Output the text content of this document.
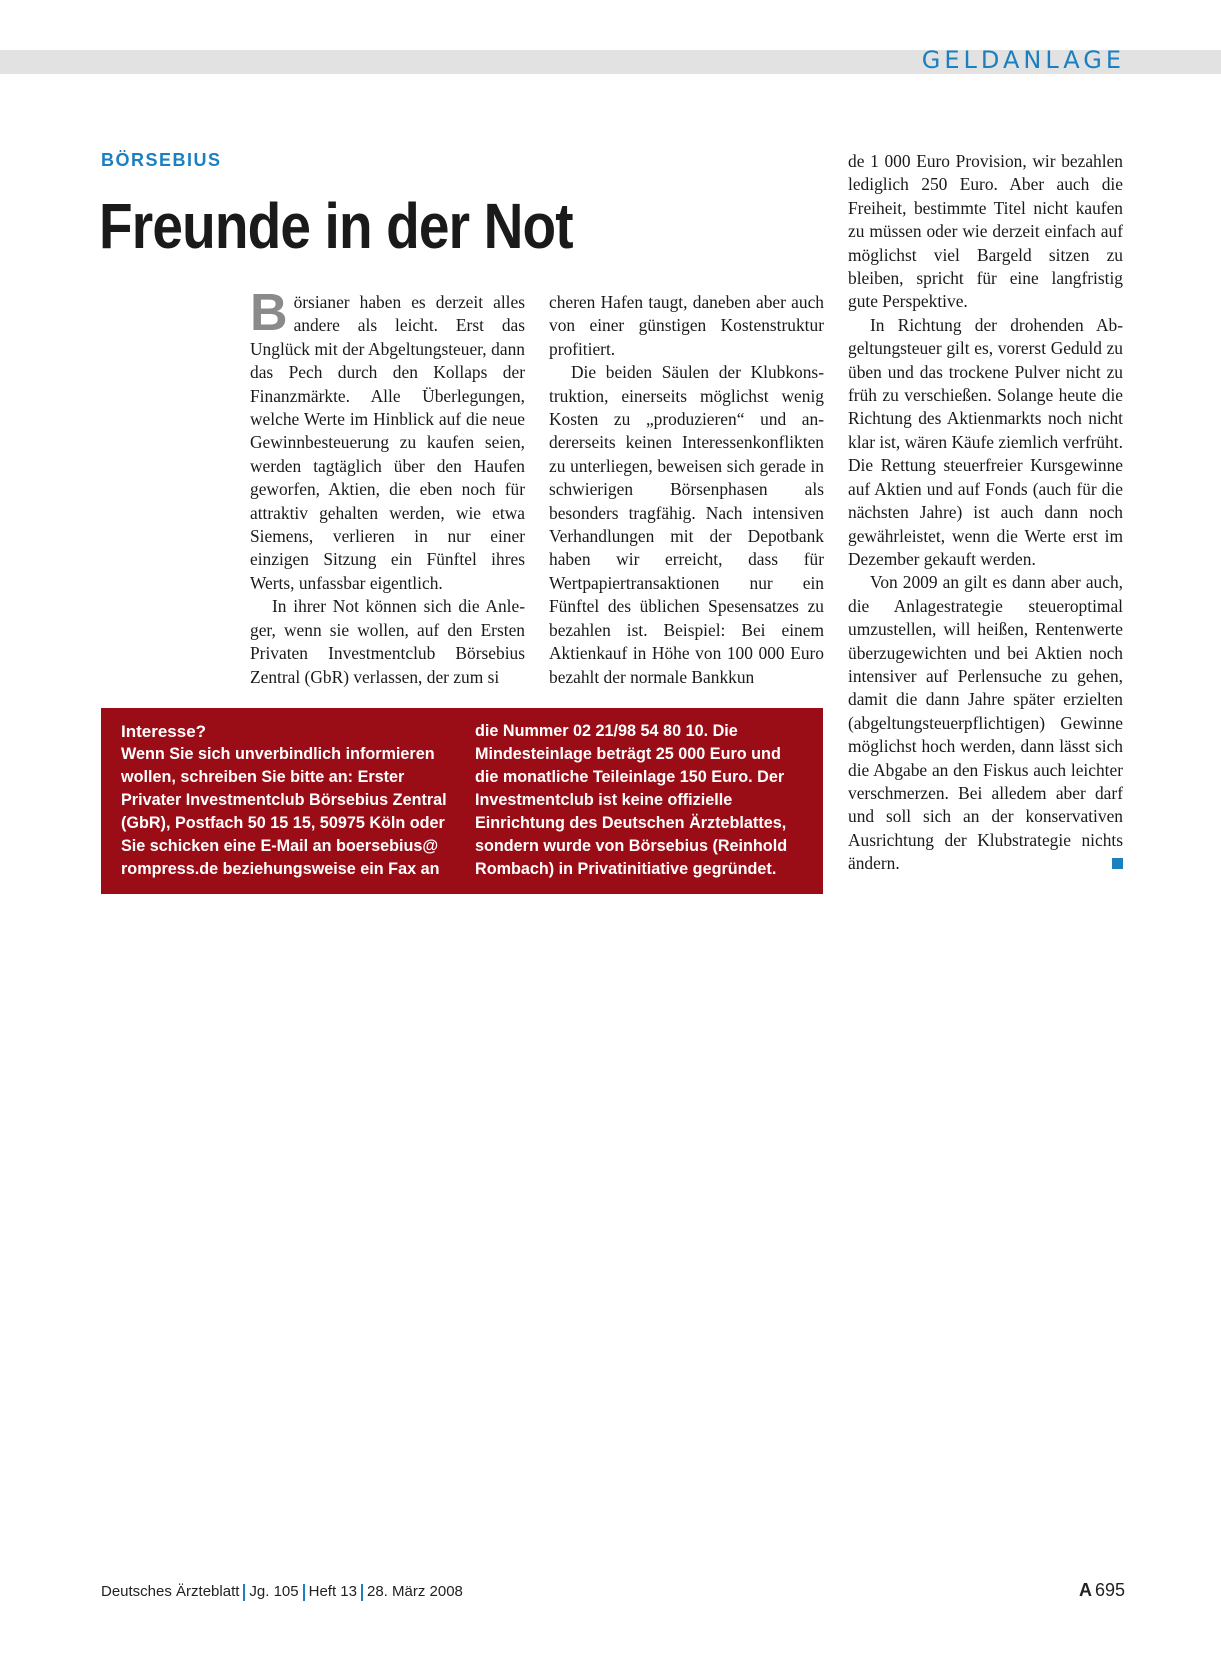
GELDANLAGE
BÖRSEBIUS
Freunde in der Not

Börsianer haben es derzeit alles andere als leicht. Erst das Unglück mit der Abgeltungsteuer, dann das Pech durch den Kollaps der Finanzmärkte. Alle Überlegungen, welche Werte im Hinblick auf die neue Gewinnbesteuerung zu kaufen seien, werden tagtäglich über den Haufen geworfen, Aktien, die eben noch für attraktiv gehalten werden, wie etwa Siemens, verlieren in nur einer einzigen Sitzung ein Fünftel ihres Werts, unfassbar eigentlich.

In ihrer Not können sich die Anleger, wenn sie wollen, auf den Ersten Privaten Investmentclub Börsebius Zentral (GbR) verlassen, der zum si

cheren Hafen taugt, daneben aber auch von einer günstigen Kostenstruktur profitiert.

Die beiden Säulen der Klubkonstruktion, einerseits möglichst wenig Kosten zu „produzieren“ und andererseits keinen Interessenkonflikten zu unterliegen, beweisen sich gerade in schwierigen Börsenphasen als besonders tragfähig. Nach intensiven Verhandlungen mit der Depotbank haben wir erreicht, dass für Wertpapiertransaktionen nur ein Fünftel des üblichen Spesensatzes zu bezahlen ist. Beispiel: Bei einem Aktienkauf in Höhe von 100 000 Euro bezahlt der normale Bankkun

de 1 000 Euro Provision, wir bezahlen lediglich 250 Euro. Aber auch die Freiheit, bestimmte Titel nicht kaufen zu müssen oder wie derzeit einfach auf möglichst viel Bargeld sitzen zu bleiben, spricht für eine langfristig gute Perspektive.

In Richtung der drohenden Abgeltungsteuer gilt es, vorerst Geduld zu üben und das trockene Pulver nicht zu früh zu verschießen. Solange heute die Richtung des Aktienmarkts noch nicht klar ist, wären Käufe ziemlich verfrüht. Die Rettung steuerfreier Kursgewinne auf Aktien und auf Fonds (auch für die nächsten Jahre) ist auch dann noch gewährleistet, wenn die Werte erst im Dezember gekauft werden.

Von 2009 an gilt es dann aber auch, die Anlagestrategie steueroptimal umzustellen, will heißen, Rentenwerte überzugewichten und bei Aktien noch intensiver auf Perlensuche zu gehen, damit die dann Jahre später erzielten (abgeltungsteuerpflichtigen) Gewinne möglichst hoch werden, dann lässt sich die Abgabe an den Fiskus auch leichter verschmerzen. Bei alledem aber darf und soll sich an der konservativen Ausrichtung der Klubstrategie nichts ändern.

Interesse?
Wenn Sie sich unverbindlich informieren wollen, schreiben Sie bitte an: Erster Privater Investmentclub Börsebius Zentral (GbR), Postfach 50 15 15, 50975 Köln oder Sie schicken eine E-Mail an boersebius@ rompress.de beziehungsweise ein Fax an
die Nummer 02 21/98 54 80 10. Die Mindesteinlage beträgt 25 000 Euro und die monatliche Teileinlage 150 Euro. Der Investmentclub ist keine offizielle Einrichtung des Deutschen Ärzteblattes, sondern wurde von Börsebius (Reinhold Rombach) in Privatinitiative gegründet.
Deutsches Ärzteblatt Jg. 105 Heft 13 28. März 2008	A 695
